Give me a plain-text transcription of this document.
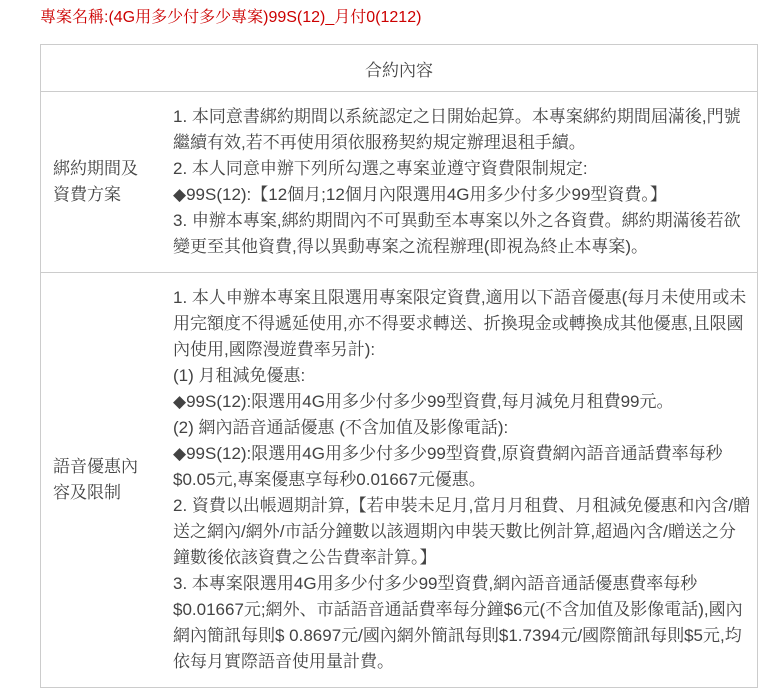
專案名稱:(4G用多少付多少專案)99S(12)_月付0(1212)
合約內容
綁約期間及資費方案
1. 本同意書綁約期間以系統認定之日開始起算。本專案綁約期間屆滿後,門號繼續有效,若不再使用須依服務契約規定辦理退租手續。
2. 本人同意申辦下列所勾選之專案並遵守資費限制規定:
◆99S(12):【12個月;12個月內限選用4G用多少付多少99型資費。】
3. 申辦本專案,綁約期間內不可異動至本專案以外之各資費。綁約期滿後若欲變更至其他資費,得以異動專案之流程辦理(即視為終止本專案)。
語音優惠內容及限制
1. 本人申辦本專案且限選用專案限定資費,適用以下語音優惠(每月未使用或未用完額度不得遞延使用,亦不得要求轉送、折換現金或轉換成其他優惠,且限國內使用,國際漫遊費率另計):
(1) 月租減免優惠:
◆99S(12):限選用4G用多少付多少99型資費,每月減免月租費99元。
(2) 網內語音通話優惠 (不含加值及影像電話):
◆99S(12):限選用4G用多少付多少99型資費,原資費網內語音通話費率每秒$0.05元,專案優惠享每秒0.01667元優惠。
2. 資費以出帳週期計算,【若申裝未足月,當月月租費、月租減免優惠和內含/贈送之網內/網外/市話分鐘數以該週期內申裝天數比例計算,超過內含/贈送之分鐘數後依該資費之公告費率計算。】
3. 本專案限選用4G用多少付多少99型資費,網內語音通話優惠費率每秒$0.01667元;網外、市話語音通話費率每分鐘$6元(不含加值及影像電話),國內網內簡訊每則$ 0.8697元/國內網外簡訊每則$1.7394元/國際簡訊每則$5元,均依每月實際語音使用量計費。
